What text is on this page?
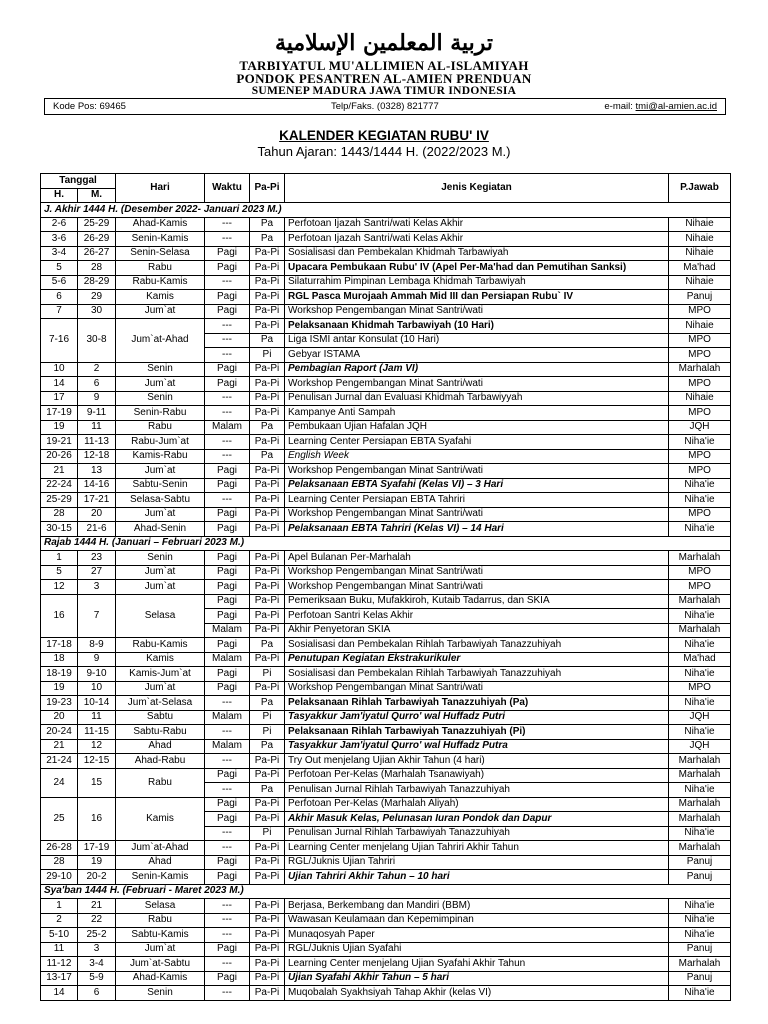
تربية المعلمين الإسلامية
TARBIYATUL MU'ALLIMIEN AL-ISLAMIYAH
PONDOK PESANTREN AL-AMIEN PRENDUAN
SUMENEP MADURA JAWA TIMUR INDONESIA
Kode Pos: 69465	Telp/Faks. (0328) 821777	e-mail: tmi@al-amien.ac.id
KALENDER KEGIATAN RUBU' IV
Tahun Ajaran: 1443/1444 H. (2022/2023 M.)
Tanggal		Hari	Waktu	Pa-Pi	Jenis Kegiatan	P.Jawab
H.	M.					
J. Akhir 1444 H. (Desember 2022- Januari 2023 M.)						
2-6	25-29	Ahad-Kamis	---	Pa	Perfotoan Ijazah Santri/wati Kelas Akhir	Nihaie
3-6	26-29	Senin-Kamis	---	Pa	Perfotoan Ijazah Santri/wati Kelas Akhir	Nihaie
3-4	26-27	Senin-Selasa	Pagi	Pa-Pi	Sosialisasi dan Pembekalan Khidmah Tarbawiyah	Nihaie
5	28	Rabu	Pagi	Pa-Pi	Upacara Pembukaan Rubu' IV (Apel Per-Ma'had dan Pemutihan Sanksi)	Ma'had
5-6	28-29	Rabu-Kamis	---	Pa-Pi	Silaturrahim Pimpinan Lembaga Khidmah Tarbawiyah	Nihaie
6	29	Kamis	Pagi	Pa-Pi	RGL Pasca Murojaah Ammah Mid III dan Persiapan Rubu` IV	Panuj
7	30	Jum`at	Pagi	Pa-Pi	Workshop Pengembangan Minat Santri/wati	MPO
7-16	30-8	Jum`at-Ahad	---	Pa-Pi	Pelaksanaan Khidmah Tarbawiyah (10 Hari)	Nihaie
			---	Pa	Liga ISMI antar Konsulat (10 Hari)	MPO
			---	Pi	Gebyar ISTAMA	MPO
10	2	Senin	Pagi	Pa-Pi	Pembagian Raport (Jam VI)	Marhalah
14	6	Jum`at	Pagi	Pa-Pi	Workshop Pengembangan Minat Santri/wati	MPO
17	9	Senin	---	Pa-Pi	Penulisan Jurnal dan Evaluasi Khidmah Tarbawiyyah	Nihaie
17-19	9-11	Senin-Rabu	---	Pa-Pi	Kampanye Anti Sampah	MPO
19	11	Rabu	Malam	Pa	Pembukaan Ujian Hafalan JQH	JQH
19-21	11-13	Rabu-Jum`at	---	Pa-Pi	Learning Center Persiapan EBTA Syafahi	Niha'ie
20-26	12-18	Kamis-Rabu	---	Pa	English Week	MPO
21	13	Jum`at	Pagi	Pa-Pi	Workshop Pengembangan Minat Santri/wati	MPO
22-24	14-16	Sabtu-Senin	Pagi	Pa-Pi	Pelaksanaan EBTA Syafahi (Kelas VI) – 3 Hari	Niha'ie
25-29	17-21	Selasa-Sabtu	---	Pa-Pi	Learning Center Persiapan EBTA Tahriri	Niha'ie
28	20	Jum`at	Pagi	Pa-Pi	Workshop Pengembangan Minat Santri/wati	MPO
30-15	21-6	Ahad-Senin	Pagi	Pa-Pi	Pelaksanaan EBTA Tahriri (Kelas VI) – 14 Hari	Niha'ie
Rajab 1444 H. (Januari – Februari 2023 M.)						
1	23	Senin	Pagi	Pa-Pi	Apel Bulanan Per-Marhalah	Marhalah
5	27	Jum`at	Pagi	Pa-Pi	Workshop Pengembangan Minat Santri/wati	MPO
12	3	Jum`at	Pagi	Pa-Pi	Workshop Pengembangan Minat Santri/wati	MPO
16	7	Selasa	Pagi	Pa-Pi	Pemeriksaan Buku, Mufakkiroh, Kutaib Tadarrus, dan SKIA	Marhalah
			Pagi	Pa-Pi	Perfotoan Santri Kelas Akhir	Niha'ie
			Malam	Pa-Pi	Akhir Penyetoran SKIA	Marhalah
17-18	8-9	Rabu-Kamis	Pagi	Pa	Sosialisasi dan Pembekalan Rihlah Tarbawiyah Tanazzuhiyah	Niha'ie
18	9	Kamis	Malam	Pa-Pi	Penutupan Kegiatan Ekstrakurikuler	Ma'had
18-19	9-10	Kamis-Jum`at	Pagi	Pi	Sosialisasi dan Pembekalan Rihlah Tarbawiyah Tanazzuhiyah	Niha'ie
19	10	Jum`at	Pagi	Pa-Pi	Workshop Pengembangan Minat Santri/wati	MPO
19-23	10-14	Jum`at-Selasa	---	Pa	Pelaksanaan Rihlah Tarbawiyah Tanazzuhiyah (Pa)	Niha'ie
20	11	Sabtu	Malam	Pi	Tasyakkur Jam'iyatul Qurro' wal Huffadz Putri	JQH
20-24	11-15	Sabtu-Rabu	---	Pi	Pelaksanaan Rihlah Tarbawiyah Tanazzuhiyah (Pi)	Niha'ie
21	12	Ahad	Malam	Pa	Tasyakkur Jam'iyatul Qurro' wal Huffadz Putra	JQH
21-24	12-15	Ahad-Rabu	---	Pa-Pi	Try Out menjelang Ujian Akhir Tahun (4 hari)	Marhalah
24	15	Rabu	Pagi	Pa-Pi	Perfotoan Per-Kelas (Marhalah Tsanawiyah)	Marhalah
			---	Pa	Penulisan Jurnal Rihlah Tarbawiyah Tanazzuhiyah	Niha'ie
25	16	Kamis	Pagi	Pa-Pi	Perfotoan Per-Kelas (Marhalah Aliyah)	Marhalah
			Pagi	Pa-Pi	Akhir Masuk Kelas, Pelunasan Iuran Pondok dan Dapur	Marhalah
			---	Pi	Penulisan Jurnal Rihlah Tarbawiyah Tanazzuhiyah	Niha'ie
26-28	17-19	Jum`at-Ahad	---	Pa-Pi	Learning Center menjelang Ujian Tahriri Akhir Tahun	Marhalah
28	19	Ahad	Pagi	Pa-Pi	RGL/Juknis Ujian Tahriri	Panuj
29-10	20-2	Senin-Kamis	Pagi	Pa-Pi	Ujian Tahriri Akhir Tahun – 10 hari	Panuj
Sya'ban 1444 H. (Februari - Maret 2023 M.)						
1	21	Selasa	---	Pa-Pi	Berjasa, Berkembang dan Mandiri (BBM)	Niha'ie
2	22	Rabu	---	Pa-Pi	Wawasan Keulamaan dan Kepemimpinan	Niha'ie
5-10	25-2	Sabtu-Kamis	---	Pa-Pi	Munaqosyah Paper	Niha'ie
11	3	Jum`at	Pagi	Pa-Pi	RGL/Juknis Ujian Syafahi	Panuj
11-12	3-4	Jum`at-Sabtu	---	Pa-Pi	Learning Center menjelang Ujian Syafahi Akhir Tahun	Marhalah
13-17	5-9	Ahad-Kamis	Pagi	Pa-Pi	Ujian Syafahi Akhir Tahun – 5 hari	Panuj
14	6	Senin	---	Pa-Pi	Muqobalah Syakhsiyah Tahap Akhir (kelas VI)	Niha'ie
